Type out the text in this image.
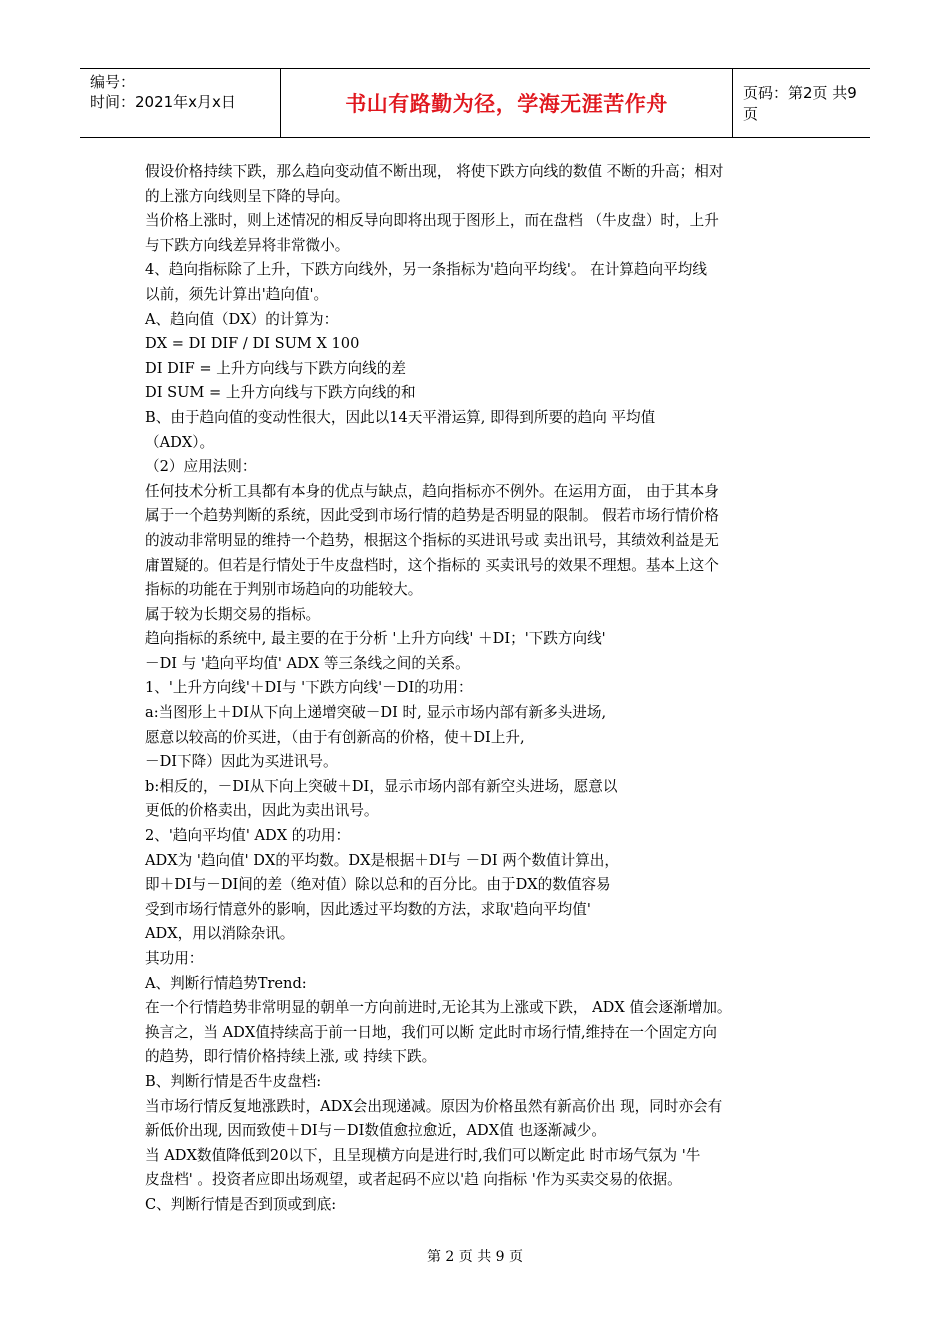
编号：
时间：2021年x月x日	书山有路勤为径，学海无涯苦作舟	页码：第2页 共9页
假设价格持续下跌，那么趋向变动值不断出现， 将使下跌方向线的数值 不断的升高；相对
的上涨方向线则呈下降的导向。
当价格上涨时，则上述情况的相反导向即将出现于图形上，而在盘档 （牛皮盘）时，上升
与下跌方向线差异将非常微小。
4、趋向指标除了上升，下跌方向线外，另一条指标为'趋向平均线'。 在计算趋向平均线
以前，须先计算出'趋向值'。
A、趋向值（DX）的计算为：
DX = DI DIF / DI SUM X 100
DI DIF = 上升方向线与下跌方向线的差
DI SUM = 上升方向线与下跌方向线的和
B、由于趋向值的变动性很大，因此以14天平滑运算, 即得到所要的趋向 平均值
（ADX）。
（2）应用法则：
任何技术分析工具都有本身的优点与缺点，趋向指标亦不例外。在运用方面， 由于其本身
属于一个趋势判断的系统，因此受到市场行情的趋势是否明显的限制。 假若市场行情价格
的波动非常明显的维持一个趋势，根据这个指标的买进讯号或 卖出讯号，其绩效利益是无
庸置疑的。但若是行情处于牛皮盘档时，这个指标的 买卖讯号的效果不理想。基本上这个
指标的功能在于判别市场趋向的功能较大。
属于较为长期交易的指标。
趋向指标的系统中, 最主要的在于分析 '上升方向线' ＋DI；'下跌方向线'
－DI 与 '趋向平均值' ADX 等三条线之间的关系。
1、'上升方向线'＋DI与 '下跌方向线'－DI的功用：
a:当图形上＋DI从下向上递增突破－DI 时, 显示市场内部有新多头进场,
愿意以较高的价买进，（由于有创新高的价格，使＋DI上升,
－DI下降）因此为买进讯号。
b:相反的，－DI从下向上突破＋DI，显示市场内部有新空头进场，愿意以
更低的价格卖出，因此为卖出讯号。
2、'趋向平均值' ADX 的功用：
ADX为 '趋向值' DX的平均数。DX是根据＋DI与 －DI 两个数值计算出，
即＋DI与－DI间的差（绝对值）除以总和的百分比。由于DX的数值容易
受到市场行情意外的影响，因此透过平均数的方法，求取'趋向平均值'
ADX，用以消除杂讯。
其功用：
A、判断行情趋势Trend:
在一个行情趋势非常明显的朝单一方向前进时,无论其为上涨或下跌， ADX 值会逐渐增加。
换言之，当 ADX值持续高于前一日地，我们可以断 定此时市场行情,维持在一个固定方向
的趋势，即行情价格持续上涨, 或 持续下跌。
B、判断行情是否牛皮盘档:
当市场行情反复地涨跌时，ADX会出现递减。原因为价格虽然有新高价出 现，同时亦会有
新低价出现, 因而致使＋DI与－DI数值愈拉愈近，ADX值 也逐渐减少。
当 ADX数值降低到20以下，且呈现横方向是进行时,我们可以断定此 时市场气氛为 '牛
皮盘档' 。投资者应即出场观望，或者起码不应以'趋 向指标 '作为买卖交易的依据。
C、判断行情是否到顶或到底:
第 2 页 共 9 页
